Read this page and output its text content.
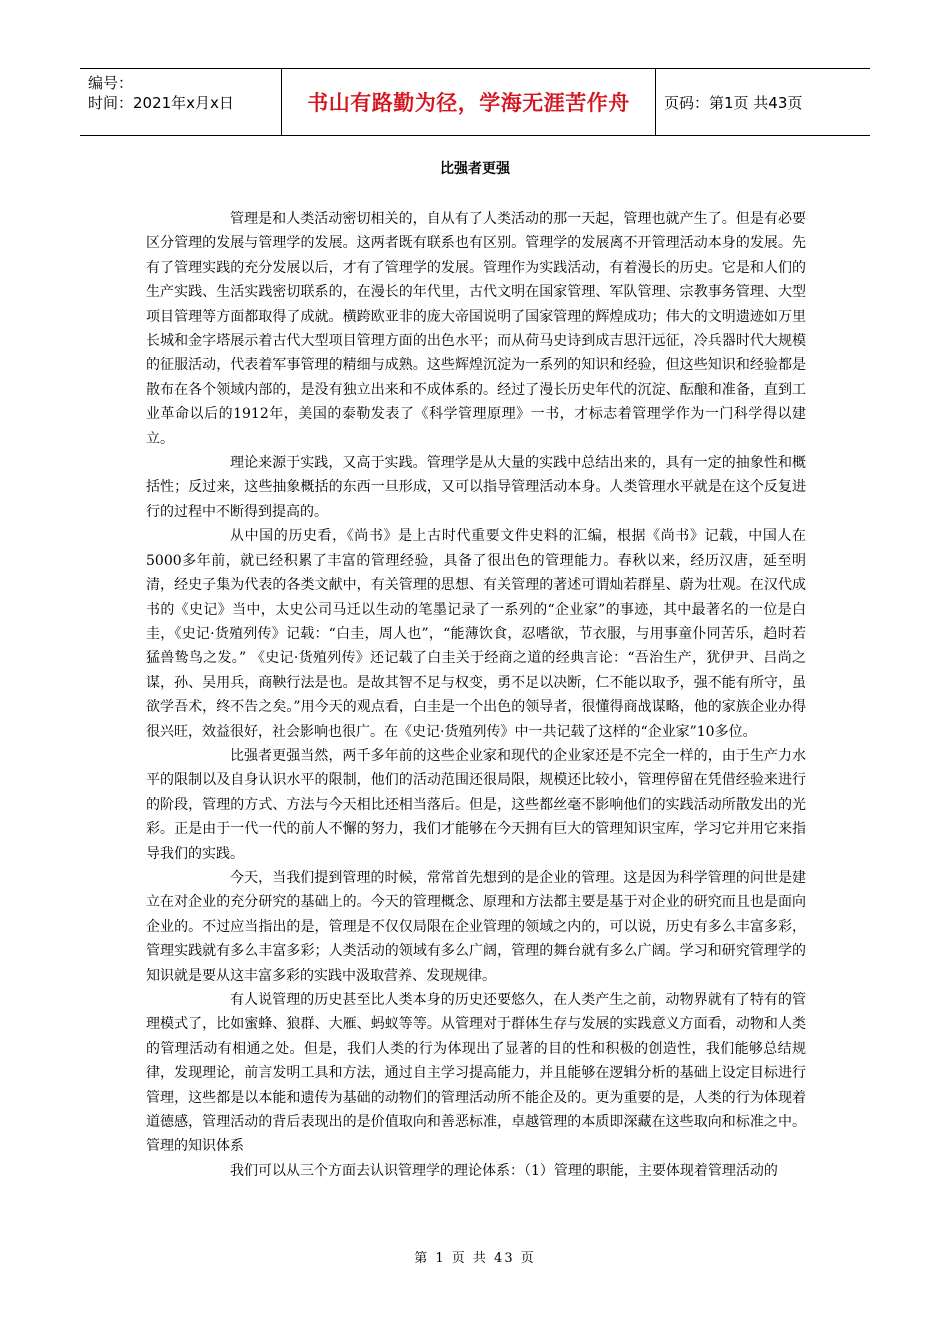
编号：
时间：2021年x月x日	书山有路勤为径，学海无涯苦作舟	页码：第1页 共43页
比强者更强

管理是和人类活动密切相关的，自从有了人类活动的那一天起，管理也就产生了。但是有必要区分管理的发展与管理学的发展。这两者既有联系也有区别。管理学的发展离不开管理活动本身的发展。先有了管理实践的充分发展以后，才有了管理学的发展。管理作为实践活动，有着漫长的历史。它是和人们的生产实践、生活实践密切联系的，在漫长的年代里，古代文明在国家管理、军队管理、宗教事务管理、大型项目管理等方面都取得了成就。横跨欧亚非的庞大帝国说明了国家管理的辉煌成功；伟大的文明遗迹如万里长城和金字塔展示着古代大型项目管理方面的出色水平；而从荷马史诗到成吉思汗远征，冷兵器时代大规模的征服活动，代表着军事管理的精细与成熟。这些辉煌沉淀为一系列的知识和经验，但这些知识和经验都是散布在各个领域内部的，是没有独立出来和不成体系的。经过了漫长历史年代的沉淀、酝酿和准备，直到工业革命以后的1912年，美国的泰勒发表了《科学管理原理》一书，才标志着管理学作为一门科学得以建立。

理论来源于实践，又高于实践。管理学是从大量的实践中总结出来的，具有一定的抽象性和概括性；反过来，这些抽象概括的东西一旦形成，又可以指导管理活动本身。人类管理水平就是在这个反复进行的过程中不断得到提高的。

从中国的历史看，《尚书》是上古时代重要文件史料的汇编，根据《尚书》记载，中国人在5000多年前，就已经积累了丰富的管理经验，具备了很出色的管理能力。春秋以来，经历汉唐，延至明清，经史子集为代表的各类文献中，有关管理的思想、有关管理的著述可谓灿若群星、蔚为壮观。在汉代成书的《史记》当中，太史公司马迁以生动的笔墨记录了一系列的“企业家”的事迹，其中最著名的一位是白圭，《史记·货殖列传》记载：“白圭，周人也”，“能薄饮食，忍嗜欲，节衣服，与用事童仆同苦乐，趋时若猛兽鸷鸟之发。” 《史记·货殖列传》还记载了白圭关于经商之道的经典言论：“吾治生产，犹伊尹、吕尚之谋，孙、吴用兵，商鞅行法是也。是故其智不足与权变，勇不足以决断，仁不能以取予，强不能有所守，虽欲学吾术，终不告之矣。”用今天的观点看，白圭是一个出色的领导者，很懂得商战谋略，他的家族企业办得很兴旺，效益很好，社会影响也很广。在《史记·货殖列传》中一共记载了这样的“企业家”10多位。

比强者更强当然，两千多年前的这些企业家和现代的企业家还是不完全一样的，由于生产力水平的限制以及自身认识水平的限制，他们的活动范围还很局限，规模还比较小，管理停留在凭借经验来进行的阶段，管理的方式、方法与今天相比还相当落后。但是，这些都丝毫不影响他们的实践活动所散发出的光彩。正是由于一代一代的前人不懈的努力，我们才能够在今天拥有巨大的管理知识宝库，学习它并用它来指导我们的实践。

今天，当我们提到管理的时候，常常首先想到的是企业的管理。这是因为科学管理的问世是建立在对企业的充分研究的基础上的。今天的管理概念、原理和方法都主要是基于对企业的研究而且也是面向企业的。不过应当指出的是，管理是不仅仅局限在企业管理的领域之内的，可以说，历史有多么丰富多彩，管理实践就有多么丰富多彩；人类活动的领域有多么广阔，管理的舞台就有多么广阔。学习和研究管理学的知识就是要从这丰富多彩的实践中汲取营养、发现规律。

有人说管理的历史甚至比人类本身的历史还要悠久，在人类产生之前，动物界就有了特有的管理模式了，比如蜜蜂、狼群、大雁、蚂蚁等等。从管理对于群体生存与发展的实践意义方面看，动物和人类的管理活动有相通之处。但是，我们人类的行为体现出了显著的目的性和积极的创造性，我们能够总结规律，发现理论，前言发明工具和方法，通过自主学习提高能力，并且能够在逻辑分析的基础上设定目标进行管理，这些都是以本能和遗传为基础的动物们的管理活动所不能企及的。更为重要的是，人类的行为体现着道德感，管理活动的背后表现出的是价值取向和善恶标准，卓越管理的本质即深藏在这些取向和标准之中。管理的知识体系

我们可以从三个方面去认识管理学的理论体系：（1）管理的职能，主要体现着管理活动的

第 1 页 共 43 页
